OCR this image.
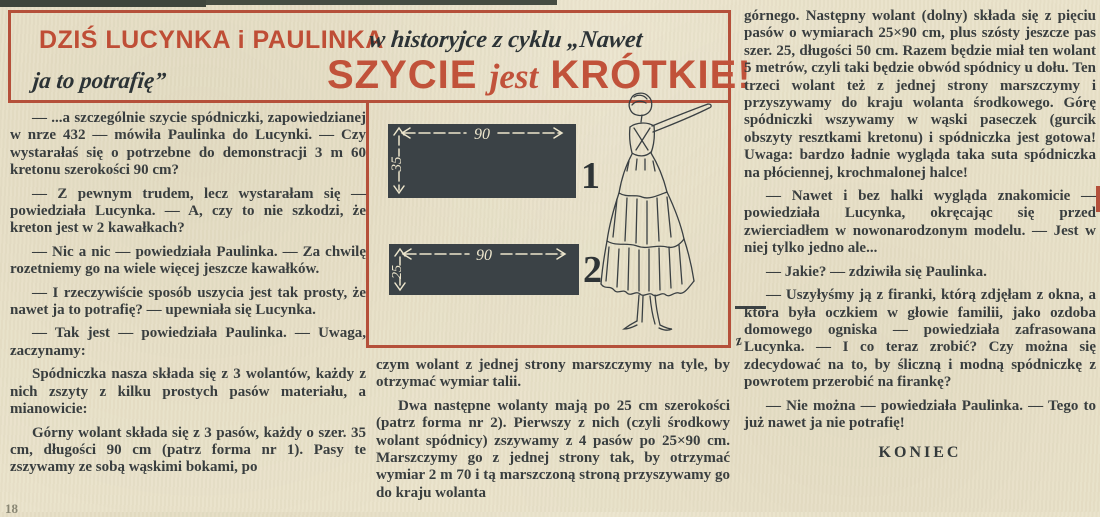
z
18
DZIŚ LUCYNKA i PAULINKA
w historyjce z cyklu „Nawet
ja to potrafię”	SZYCIE jest KRÓTKIE!
90
35
90
25
1
2

— ...a szczególnie szycie spódniczki, zapowiedzianej w nrze 432 — mówiła Paulinka do Lucynki. — Czy wystarałaś się o potrzebne do demonstracji 3 m 60 kretonu szerokości 90 cm?

— Z pewnym trudem, lecz wystarałam się — powiedziała Lucynka. — A, czy to nie szkodzi, że kreton jest w 2 kawałkach?

— Nic a nic — powiedziała Paulinka. — Za chwilę rozetniemy go na wiele więcej jeszcze kawałków.

— I rzeczywiście sposób uszycia jest tak prosty, że nawet ja to potrafię? — upewniała się Lucynka.

— Tak jest — powiedziała Paulinka. — Uwaga, zaczynamy:

Spódniczka nasza składa się z 3 wolantów, każdy z nich zszyty z kilku prostych pasów materiału, a mianowicie:

Górny wolant składa się z 3 pasów, każdy o szer. 35 cm, długości 90 cm (patrz forma nr 1). Pasy te zszywamy ze sobą wąskimi bokami, po

czym wolant z jednej strony marszczymy na tyle, by otrzymać wymiar talii.

Dwa następne wolanty mają po 25 cm szerokości (patrz forma nr 2). Pierwszy z nich (czyli środkowy wolant spódnicy) zszywamy z 4 pasów po 25×90 cm. Marszczymy go z jednej strony tak, by otrzymać wymiar 2 m 70 i tą marszczoną stroną przyszywamy go do kraju wolanta

górnego. Następny wolant (dolny) składa się z pięciu pasów o wymiarach 25×90 cm, plus szósty jeszcze pas szer. 25, długości 50 cm. Razem będzie miał ten wolant 5 metrów, czyli taki będzie obwód spódnicy u dołu. Ten trzeci wolant też z jednej strony marszczymy i przyszywamy do kraju wolanta środkowego. Górę spódniczki wszywamy w wąski paseczek (gurcik obszyty resztkami kretonu) i spódniczka jest gotowa! Uwaga: bardzo ładnie wygląda taka suta spódniczka na płóciennej, krochmalonej halce!

— Nawet i bez halki wygląda znakomicie — powiedziała Lucynka, okręcając się przed zwierciadłem w nowonarodzonym modelu. — Jest w niej tylko jedno ale...

— Jakie? — zdziwiła się Paulinka.

— Uszyłyśmy ją z firanki, którą zdjęłam z okna, a która była oczkiem w głowie familii, jako ozdoba domowego ogniska — powiedziała zafrasowana Lucynka. — I co teraz zrobić? Czy można się zdecydować na to, by śliczną i modną spódniczkę z powrotem przerobić na firankę?

— Nie można — powiedziała Paulinka. — Tego to już nawet ja nie potrafię!

KONIEC
